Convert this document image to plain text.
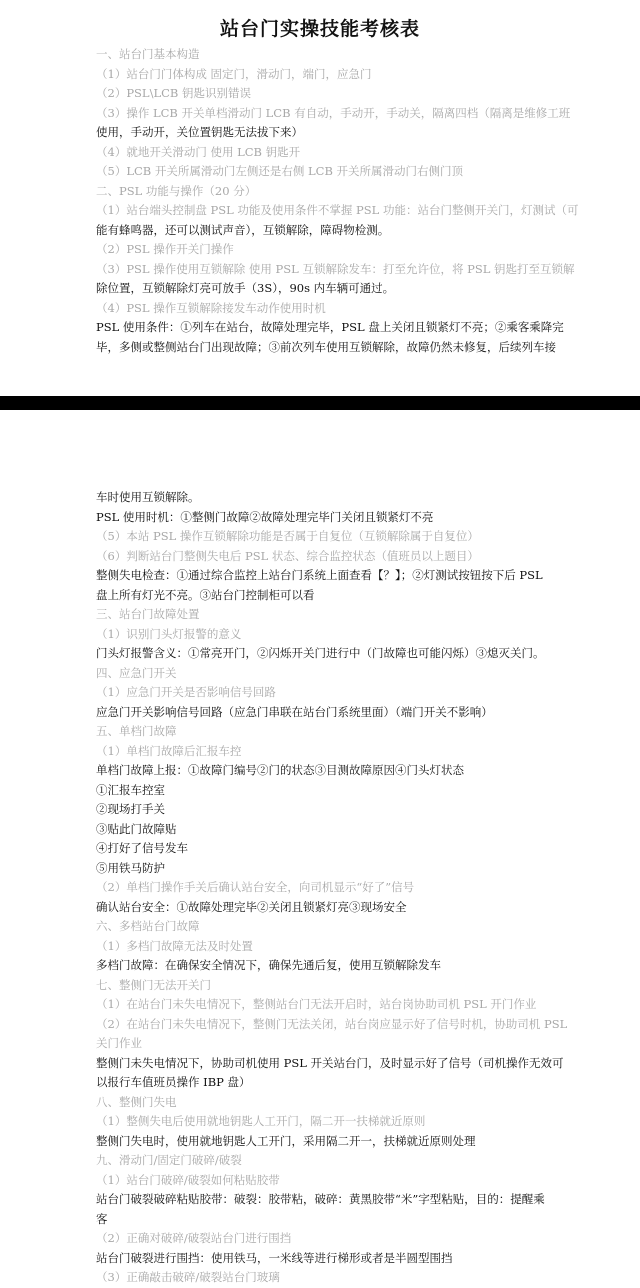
站台门实操技能考核表
一、站台门基本构造
（1）站台门门体构成 固定门，滑动门，端门，应急门
（2）PSL\LCB 钥匙识别错误
（3）操作 LCB 开关单档滑动门 LCB 有自动，手动开，手动关，隔离四档（隔离是维修工班
使用，手动开，关位置钥匙无法拔下来）
（4）就地开关滑动门 使用 LCB 钥匙开
（5）LCB 开关所属滑动门左侧还是右侧 LCB 开关所属滑动门右侧门顶
二、PSL 功能与操作（20 分）
（1）站台端头控制盘 PSL 功能及使用条件不掌握 PSL 功能：站台门整侧开关门，灯测试（可
能有蜂鸣器，还可以测试声音），互锁解除，障碍物检测。
（2）PSL 操作开关门操作
（3）PSL 操作使用互锁解除 使用 PSL 互锁解除发车：打至允许位，将 PSL 钥匙打至互锁解
除位置，互锁解除灯亮可放手（3S），90s 内车辆可通过。
（4）PSL 操作互锁解除接发车动作使用时机
PSL 使用条件：①列车在站台，故障处理完毕，PSL 盘上关闭且锁紧灯不亮；②乘客乘降完
毕，多侧或整侧站台门出现故障；③前次列车使用互锁解除，故障仍然未修复，后续列车接
车时使用互锁解除。
PSL 使用时机：①整侧门故障②故障处理完毕门关闭且锁紧灯不亮
（5）本站 PSL 操作互锁解除功能是否属于自复位（互锁解除属于自复位）
（6）判断站台门整侧失电后 PSL 状态、综合监控状态（值班员以上题目）
整侧失电检查：①通过综合监控上站台门系统上面查看【？】；②灯测试按钮按下后 PSL
盘上所有灯光不亮。③站台门控制柜可以看
三、站台门故障处置
（1）识别门头灯报警的意义
门头灯报警含义：①常亮开门，②闪烁开关门进行中（门故障也可能闪烁）③熄灭关门。
四、应急门开关
（1）应急门开关是否影响信号回路
应急门开关影响信号回路（应急门串联在站台门系统里面）（端门开关不影响）
五、单档门故障
（1）单档门故障后汇报车控
单档门故障上报：①故障门编号②门的状态③目测故障原因④门头灯状态
①汇报车控室
②现场打手关
③贴此门故障贴
④打好了信号发车
⑤用铁马防护
（2）单档门操作手关后确认站台安全，向司机显示“好了”信号
确认站台安全：①故障处理完毕②关闭且锁紧灯亮③现场安全
六、多档站台门故障
（1）多档门故障无法及时处置
多档门故障：在确保安全情况下，确保先通后复，使用互锁解除发车
七、整侧门无法开关门
（1）在站台门未失电情况下，整侧站台门无法开启时，站台岗协助司机 PSL 开门作业
（2）在站台门未失电情况下，整侧门无法关闭，站台岗应显示好了信号时机，协助司机 PSL
关门作业
整侧门未失电情况下，协助司机使用 PSL 开关站台门，及时显示好了信号（司机操作无效可
以报行车值班员操作 IBP 盘）
八、整侧门失电
（1）整侧失电后使用就地钥匙人工开门，隔二开一扶梯就近原则
整侧门失电时，使用就地钥匙人工开门，采用隔二开一，扶梯就近原则处理
九、滑动门/固定门破碎/破裂
（1）站台门破碎/破裂如何粘贴胶带
站台门破裂破碎粘贴胶带：破裂：胶带粘，破碎：黄黑胶带“米”字型粘贴，目的：提醒乘
客
（2）正确对破碎/破裂站台门进行围挡
站台门破裂进行围挡：使用铁马，一米线等进行梯形或者是半圆型围挡
（3）正确敲击破碎/破裂站台门玻璃
